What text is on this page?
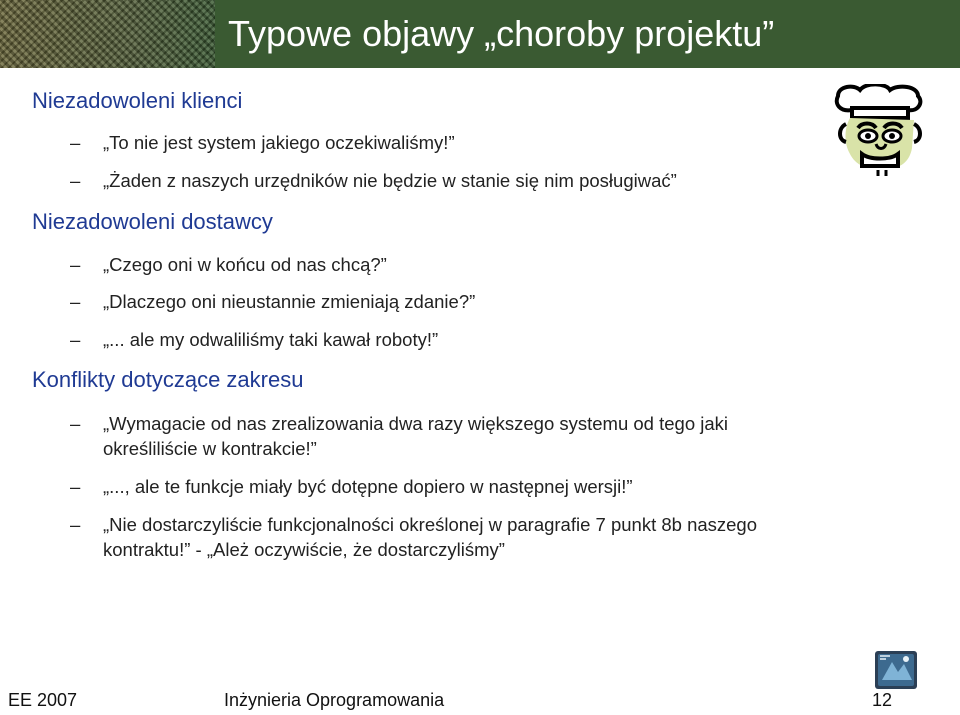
Typowe objawy „choroby projektu”
Niezadowoleni klienci
– „To nie jest system jakiego oczekiwaliśmy!”
– „Żaden z naszych urzędników nie będzie w stanie się nim posługiwać”
Niezadowoleni dostawcy
– „Czego oni w końcu od nas chcą?”
– „Dlaczego oni nieustannie zmieniają zdanie?”
– „... ale my odwaliliśmy taki kawał roboty!”
Konflikty dotyczące zakresu
– „Wymagacie od nas zrealizowania dwa razy większego systemu od tego jaki określiliście w kontrakcie!”
– „..., ale te funkcje miały być dotępne dopiero w następnej wersji!”
– „Nie dostarczyliście funkcjonalności określonej w paragrafie 7 punkt 8b naszego kontraktu!” - „Ależ oczywiście, że dostarczyliśmy”

EE 2007	Inżynieria Oprogramowania	12
